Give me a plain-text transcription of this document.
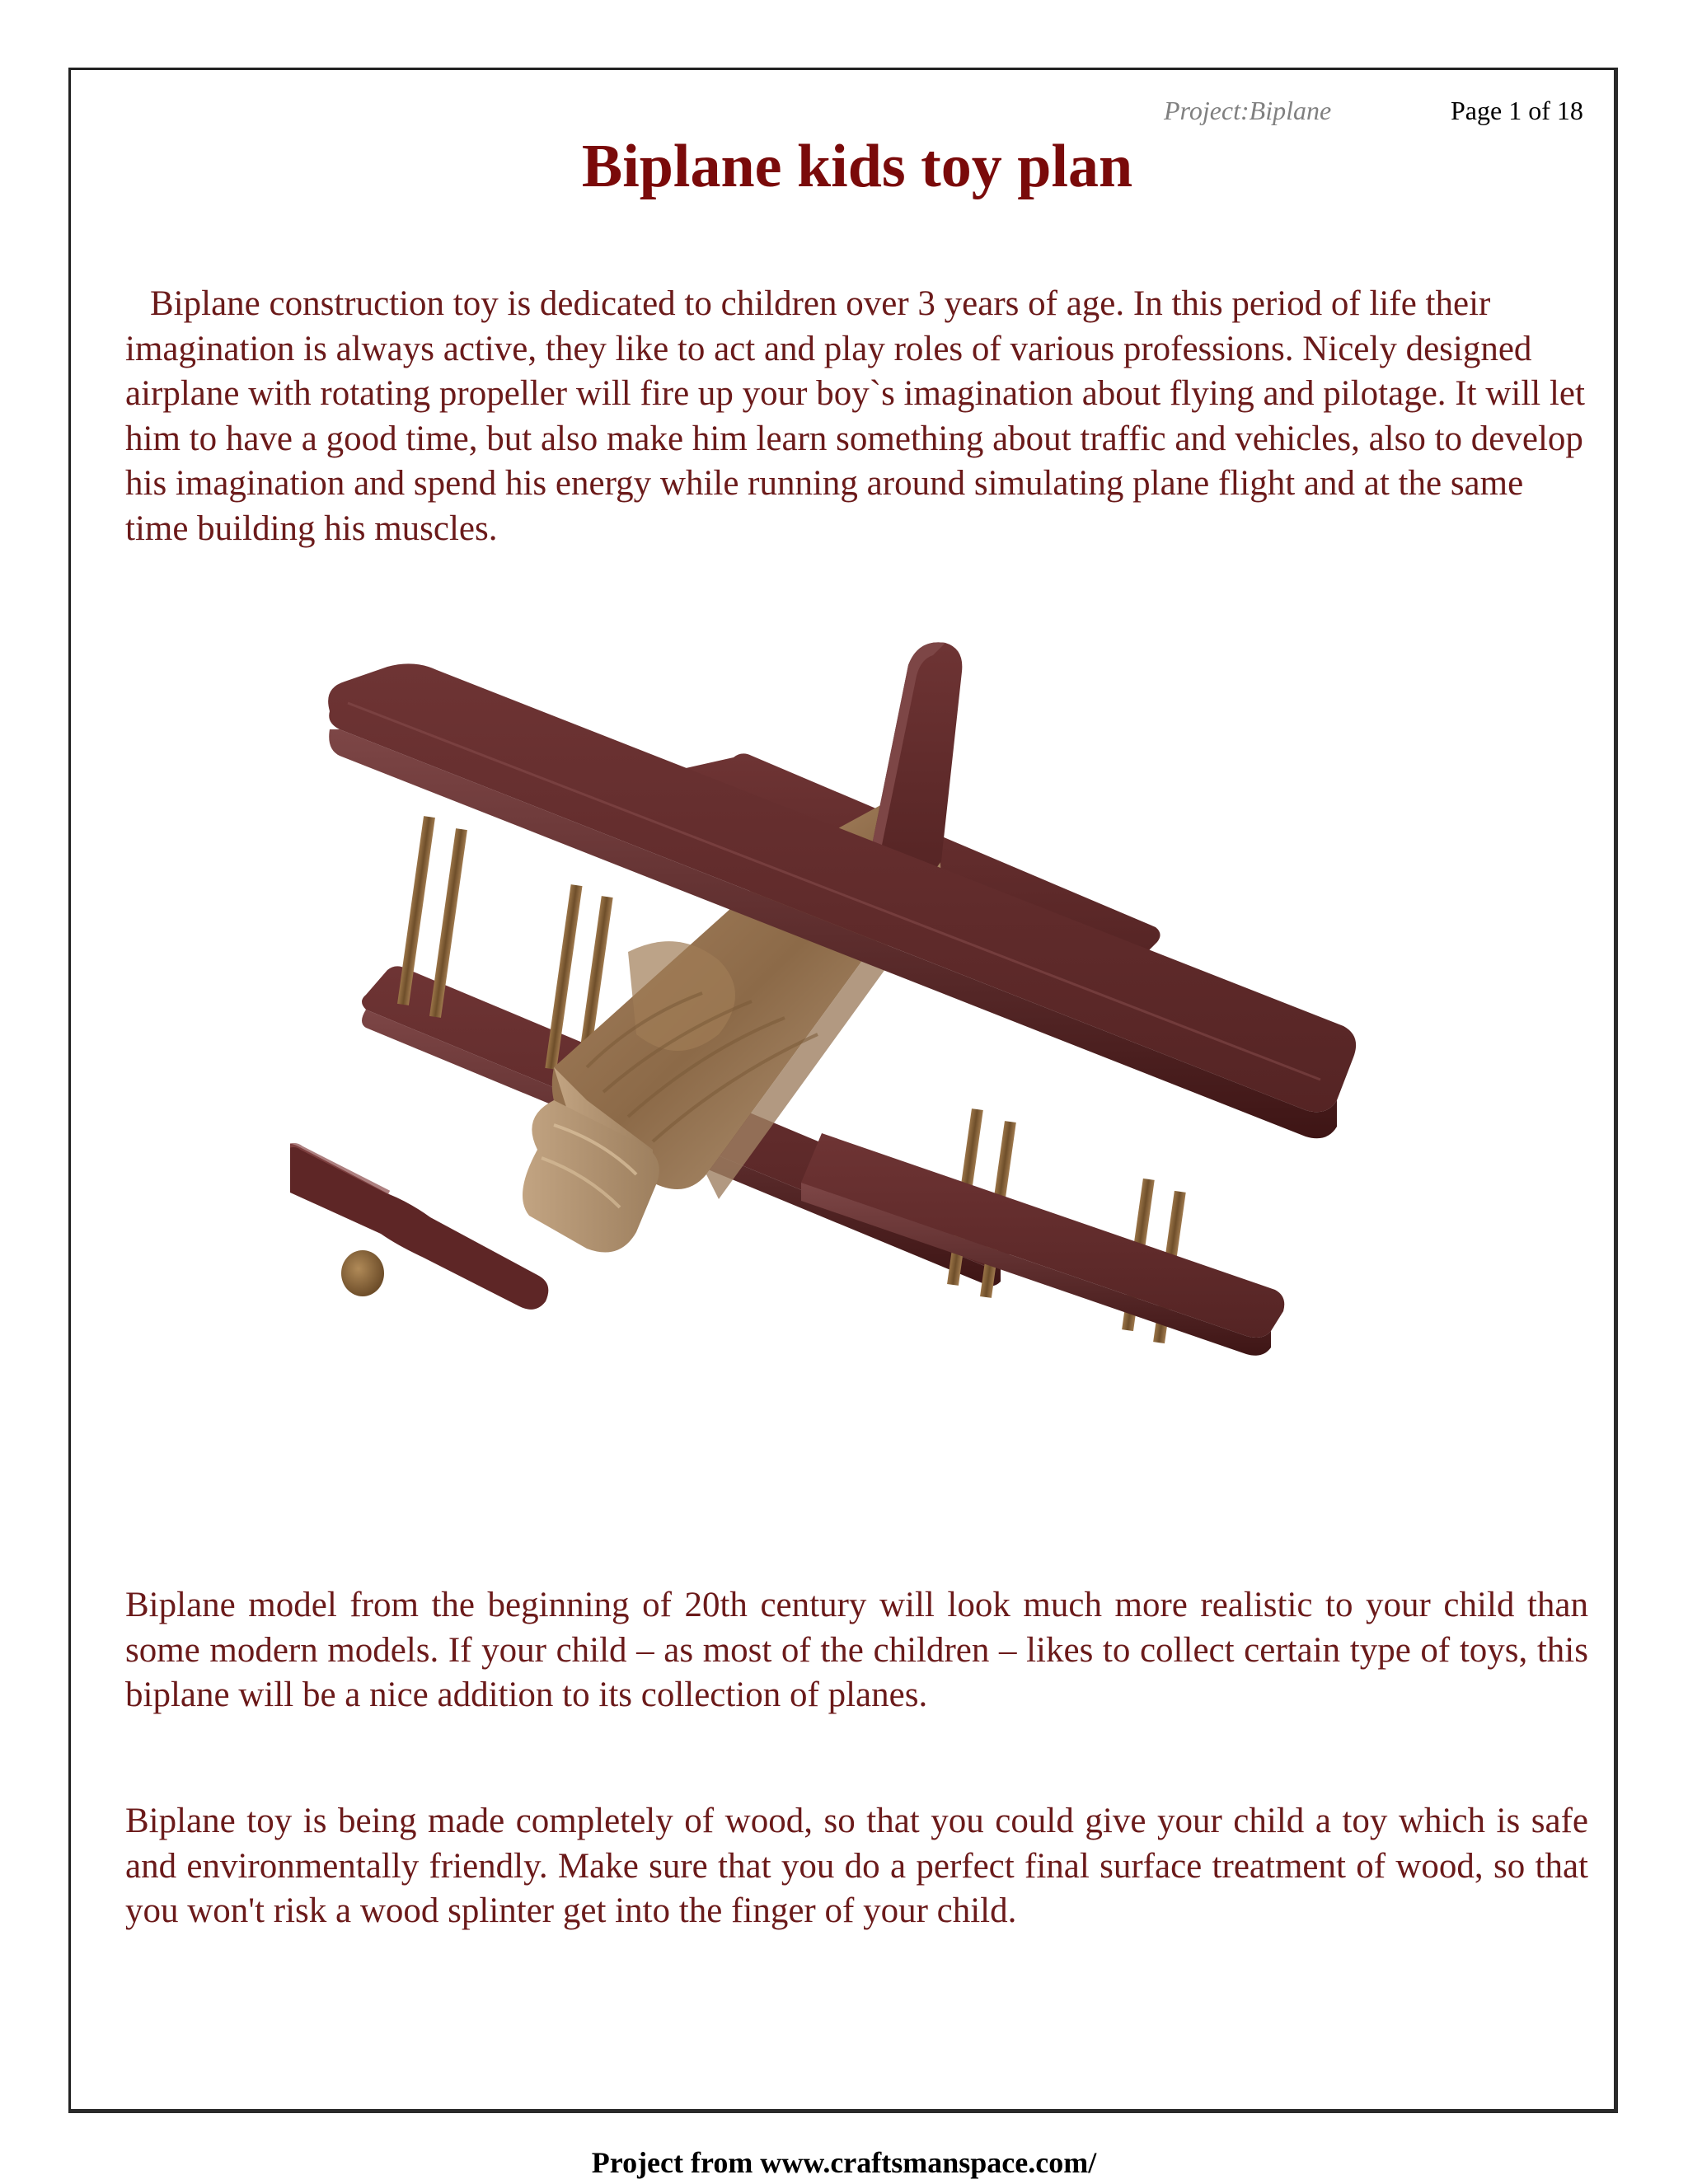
Project:Biplane	Page 1 of 18
Biplane kids toy plan

Biplane construction toy is dedicated to children over 3 years of age. In this period of life their imagination is always active, they like to act and play roles of various professions. Nicely designed airplane with rotating propeller will fire up your boy`s imagination about flying and pilotage. It will let him to have a good time, but also make him learn something about traffic and vehicles, also to develop his imagination and spend his energy while running around simulating plane flight and at the same time building his muscles.

Biplane model from the beginning of 20th century will look much more realistic to your child than some modern models. If your child – as most of the children – likes to collect certain type of toys, this biplane will be a nice addition to its collection of planes.

Biplane toy is being made completely of wood, so that you could give your child a toy which is safe and environmentally friendly. Make sure that you do a perfect final surface treatment of wood, so that you won't risk a wood splinter get into the finger of your child.

Project from www.craftsmanspace.com/
